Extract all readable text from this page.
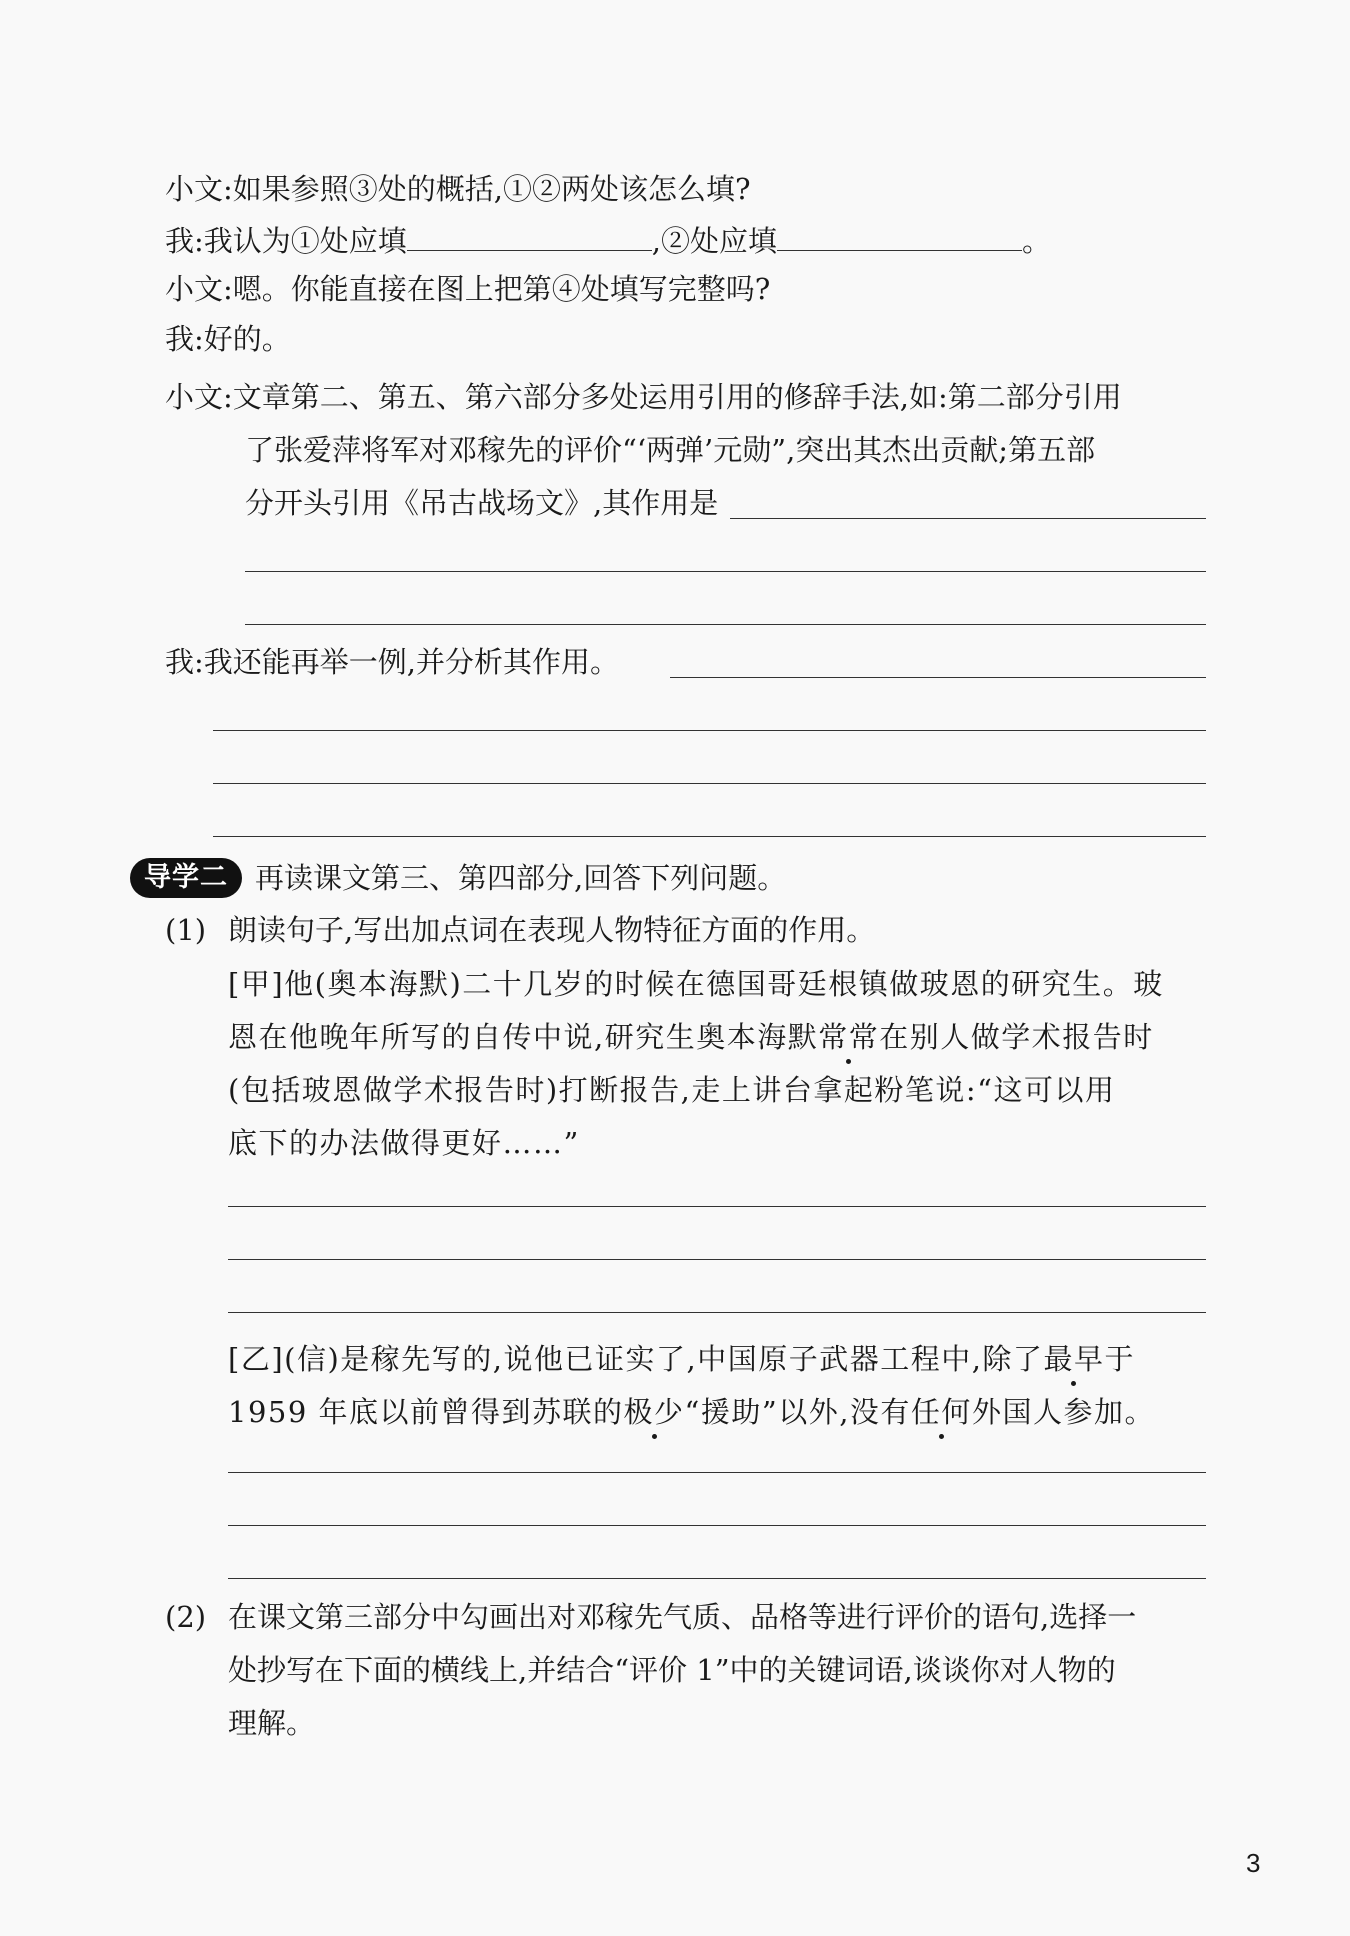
小文:如果参照③处的概括,①②两处该怎么填?
我:我认为①处应填	,②处应填	。
小文:嗯。你能直接在图上把第④处填写完整吗?
我:好的。
小文:文章第二、第五、第六部分多处运用引用的修辞手法,如:第二部分引用
了张爱萍将军对邓稼先的评价“‘两弹’元勋”,突出其杰出贡献;第五部
分开头引用《吊古战场文》,其作用是
我:我还能再举一例,并分析其作用。
导学二 再读课文第三、第四部分,回答下列问题。
(1) 朗读句子,写出加点词在表现人物特征方面的作用。
[甲]他(奥本海默)二十几岁的时候在德国哥廷根镇做玻恩的研究生。玻
恩在他晚年所写的自传中说,研究生奥本海默常常在别人做学术报告时
(包括玻恩做学术报告时)打断报告,走上讲台拿起粉笔说:“这可以用
底下的办法做得更好……”
[乙](信)是稼先写的,说他已证实了,中国原子武器工程中,除了最早于
1959 年底以前曾得到苏联的极少“援助”以外,没有任何外国人参加。
(2) 在课文第三部分中勾画出对邓稼先气质、品格等进行评价的语句,选择一
处抄写在下面的横线上,并结合“评价 1”中的关键词语,谈谈你对人物的
理解。
3
